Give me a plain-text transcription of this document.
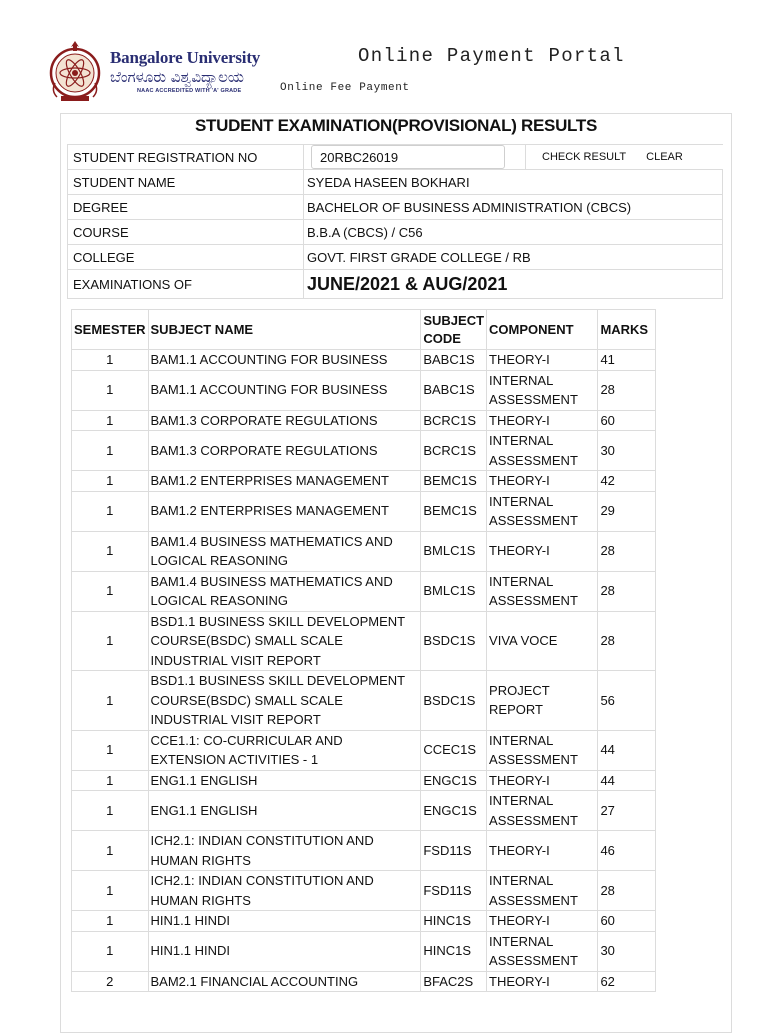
Bangalore University
ಬೆಂಗಳೂರು ವಿಶ್ವವಿದ್ಯಾಲಯ
NAAC ACCREDITED WITH 'A' GRADE
Online Payment Portal
Online Fee Payment
STUDENT EXAMINATION(PROVISIONAL) RESULTS
STUDENT REGISTRATION NO	20RBC26019 CHECK RESULT CLEAR
STUDENT NAME	SYEDA HASEEN BOKHARI
DEGREE	BACHELOR OF BUSINESS ADMINISTRATION (CBCS)
COURSE	B.B.A (CBCS) / C56
COLLEGE	GOVT. FIRST GRADE COLLEGE / RB
EXAMINATIONS OF	JUNE/2021 & AUG/2021
SEMESTER	SUBJECT NAME	SUBJECT CODE	COMPONENT	MARKS
1	BAM1.1 ACCOUNTING FOR BUSINESS	BABC1S	THEORY-I	41
1	BAM1.1 ACCOUNTING FOR BUSINESS	BABC1S	INTERNAL ASSESSMENT	28
1	BAM1.3 CORPORATE REGULATIONS	BCRC1S	THEORY-I	60
1	BAM1.3 CORPORATE REGULATIONS	BCRC1S	INTERNAL ASSESSMENT	30
1	BAM1.2 ENTERPRISES MANAGEMENT	BEMC1S	THEORY-I	42
1	BAM1.2 ENTERPRISES MANAGEMENT	BEMC1S	INTERNAL ASSESSMENT	29
1	BAM1.4 BUSINESS MATHEMATICS AND LOGICAL REASONING	BMLC1S	THEORY-I	28
1	BAM1.4 BUSINESS MATHEMATICS AND LOGICAL REASONING	BMLC1S	INTERNAL ASSESSMENT	28
1	BSD1.1 BUSINESS SKILL DEVELOPMENT COURSE(BSDC) SMALL SCALE INDUSTRIAL VISIT REPORT	BSDC1S	VIVA VOCE	28
1	BSD1.1 BUSINESS SKILL DEVELOPMENT COURSE(BSDC) SMALL SCALE INDUSTRIAL VISIT REPORT	BSDC1S	PROJECT REPORT	56
1	CCE1.1: CO-CURRICULAR AND EXTENSION ACTIVITIES - 1	CCEC1S	INTERNAL ASSESSMENT	44
1	ENG1.1 ENGLISH	ENGC1S	THEORY-I	44
1	ENG1.1 ENGLISH	ENGC1S	INTERNAL ASSESSMENT	27
1	ICH2.1: INDIAN CONSTITUTION AND HUMAN RIGHTS	FSD11S	THEORY-I	46
1	ICH2.1: INDIAN CONSTITUTION AND HUMAN RIGHTS	FSD11S	INTERNAL ASSESSMENT	28
1	HIN1.1 HINDI	HINC1S	THEORY-I	60
1	HIN1.1 HINDI	HINC1S	INTERNAL ASSESSMENT	30
2	BAM2.1 FINANCIAL ACCOUNTING	BFAC2S	THEORY-I	62
